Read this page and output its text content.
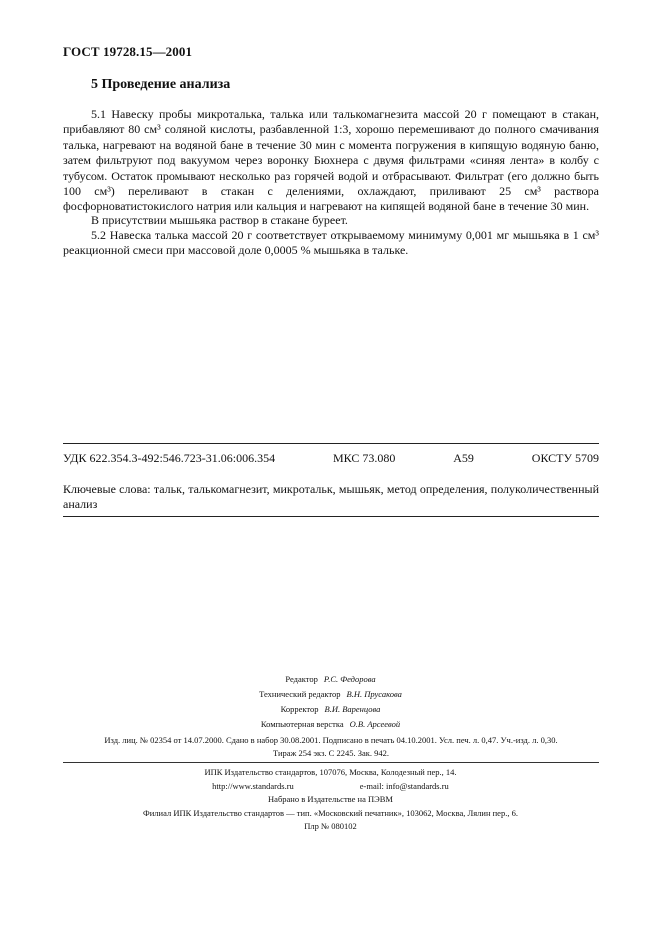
ГОСТ 19728.15—2001
5 Проведение анализа

5.1 Навеску пробы микроталька, талька или талькомагнезита массой 20 г помещают в стакан, прибавляют 80 см³ соляной кислоты, разбавленной 1:3, хорошо перемешивают до полного смачивания талька, нагревают на водяной бане в течение 30 мин с момента погружения в кипящую водяную баню, затем фильтруют под вакуумом через воронку Бюхнера с двумя фильтрами «синяя лента» в колбу с тубусом. Остаток промывают несколько раз горячей водой и отбрасывают. Фильтрат (его должно быть 100 см³) переливают в стакан с делениями, охлаждают, приливают 25 см³ раствора фосфорноватистокислого натрия или кальция и нагревают на кипящей водяной бане в течение 30 мин.

В присутствии мышьяка раствор в стакане буреет.

5.2 Навеска талька массой 20 г соответствует открываемому минимуму 0,001 мг мышьяка в 1 см³ реакционной смеси при массовой доле 0,0005 % мышьяка в тальке.

УДК 622.354.3-492:546.723-31.06:006.354	МКС 73.080	А59	ОКСТУ 5709
Ключевые слова: тальк, талькомагнезит, микротальк, мышьяк, метод определения, полуколичественный анализ
Редактор Р.С. Федорова
Технический редактор В.Н. Прусакова
Корректор В.И. Варенцова
Компьютерная верстка О.В. Арсеевой
Изд. лиц. № 02354 от 14.07.2000. Сдано в набор 30.08.2001. Подписано в печать 04.10.2001. Усл. печ. л. 0,47. Уч.-изд. л. 0,30.
Тираж 254 экз. С 2245. Зак. 942.
ИПК Издательство стандартов, 107076, Москва, Колодезный пер., 14.
http://www.standards.ru	e-mail: info@standards.ru
Набрано в Издательстве на ПЭВМ
Филиал ИПК Издательство стандартов — тип. «Московский печатник», 103062, Москва, Лялин пер., 6.
Плр № 080102
